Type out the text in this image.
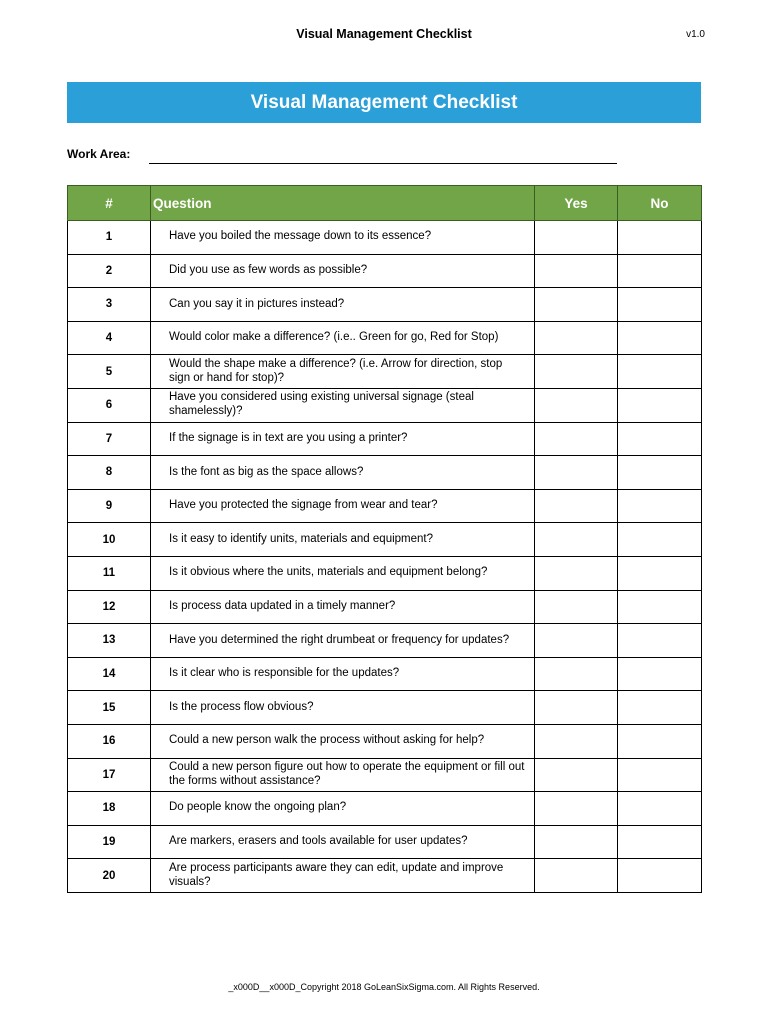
Visual Management Checklist	v1.0
Visual Management Checklist
Work Area:
#	Question	Yes	No
1	Have you boiled the message down to its essence?		
2	Did you use as few words as possible?		
3	Can you say it in pictures instead?		
4	Would color make a difference? (i.e.. Green for go, Red for Stop)		
5	Would the shape make a difference? (i.e. Arrow for direction, stop sign or hand for stop)?		
6	Have you considered using existing universal signage (steal shamelessly)?		
7	If the signage is in text are you using a printer?		
8	Is the font as big as the space allows?		
9	Have you protected the signage from wear and tear?		
10	Is it easy to identify units, materials and equipment?		
11	Is it obvious where the units, materials and equipment belong?		
12	Is process data updated in a timely manner?		
13	Have you determined the right drumbeat or frequency for updates?		
14	Is it clear who is responsible for the updates?		
15	Is the process flow obvious?		
16	Could a new person walk the process without asking for help?		
17	Could a new person figure out how to operate the equipment or fill out the forms without assistance?		
18	Do people know the ongoing plan?		
19	Are markers, erasers and tools available for user updates?		
20	Are process participants aware they can edit, update and improve visuals?		
_x000D__x000D_Copyright 2018 GoLeanSixSigma.com. All Rights Reserved.
